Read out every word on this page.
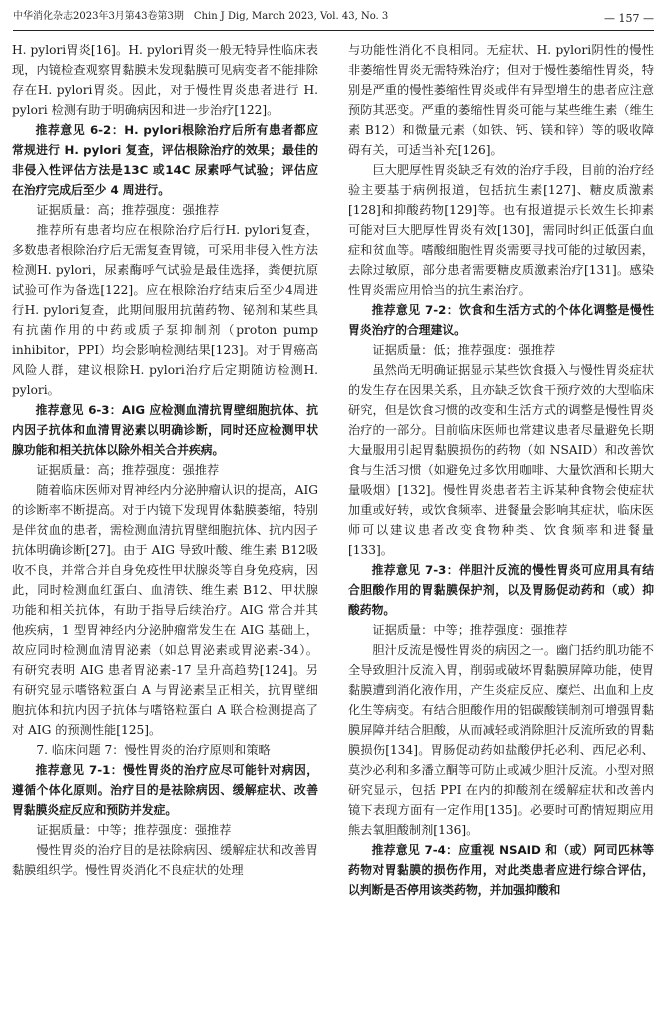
中华消化杂志2023年3月第43卷第3期　Chin J Dig, March 2023, Vol. 43, No. 3	— 157 —

H. pylori胃炎[16]。H. pylori胃炎一般无特异性临床表现，内镜检查观察胃黏膜未发现黏膜可见病变者不能排除存在H. pylori胃炎。因此，对于慢性胃炎患者进行 H. pylori 检测有助于明确病因和进一步治疗[122]。

推荐意见 6-2：H. pylori根除治疗后所有患者都应常规进行 H. pylori 复查，评估根除治疗的效果；最佳的非侵入性评估方法是13C 或14C 尿素呼气试验；评估应在治疗完成后至少 4 周进行。

证据质量：高；推荐强度：强推荐

推荐所有患者均应在根除治疗后行H. pylori复查，多数患者根除治疗后无需复查胃镜，可采用非侵入性方法检测H. pylori，尿素酶呼气试验是最佳选择，粪便抗原试验可作为备选[122]。应在根除治疗结束后至少4周进行H. pylori复查，此期间服用抗菌药物、铋剂和某些具有抗菌作用的中药或质子泵抑制剂（proton pump inhibitor，PPI）均会影响检测结果[123]。对于胃癌高风险人群，建议根除H. pylori治疗后定期随访检测H. pylori。

推荐意见 6-3：AIG 应检测血清抗胃壁细胞抗体、抗内因子抗体和血清胃泌素以明确诊断，同时还应检测甲状腺功能和相关抗体以除外相关合并疾病。

证据质量：高；推荐强度：强推荐

随着临床医师对胃神经内分泌肿瘤认识的提高，AIG 的诊断率不断提高。对于内镜下发现胃体黏膜萎缩，特别是伴贫血的患者，需检测血清抗胃壁细胞抗体、抗内因子抗体明确诊断[27]。由于 AIG 导致叶酸、维生素 B12吸收不良，并常合并自身免疫性甲状腺炎等自身免疫病，因此，同时检测血红蛋白、血清铁、维生素 B12、甲状腺功能和相关抗体，有助于指导后续治疗。AIG 常合并其他疾病，1 型胃神经内分泌肿瘤常发生在 AIG 基础上，故应同时检测血清胃泌素（如总胃泌素或胃泌素-34）。有研究表明 AIG 患者胃泌素-17 呈升高趋势[124]。另有研究显示嗜铬粒蛋白 A 与胃泌素呈正相关，抗胃壁细胞抗体和抗内因子抗体与嗜铬粒蛋白 A 联合检测提高了对 AIG 的预测性能[125]。

7. 临床问题 7：慢性胃炎的治疗原则和策略

推荐意见 7-1：慢性胃炎的治疗应尽可能针对病因，遵循个体化原则。治疗目的是祛除病因、缓解症状、改善胃黏膜炎症反应和预防并发症。

证据质量：中等；推荐强度：强推荐

慢性胃炎的治疗目的是祛除病因、缓解症状和改善胃黏膜组织学。慢性胃炎消化不良症状的处理

与功能性消化不良相同。无症状、H. pylori阴性的慢性非萎缩性胃炎无需特殊治疗；但对于慢性萎缩性胃炎，特别是严重的慢性萎缩性胃炎或伴有异型增生的患者应注意预防其恶变。严重的萎缩性胃炎可能与某些维生素（维生素 B12）和微量元素（如铁、钙、镁和锌）等的吸收障碍有关，可适当补充[126]。

巨大肥厚性胃炎缺乏有效的治疗手段，目前的治疗经验主要基于病例报道，包括抗生素[127]、糖皮质激素[128]和抑酸药物[129]等。也有报道提示长效生长抑素可能对巨大肥厚性胃炎有效[130]，需同时纠正低蛋白血症和贫血等。嗜酸细胞性胃炎需要寻找可能的过敏因素，去除过敏原，部分患者需要糖皮质激素治疗[131]。感染性胃炎需应用恰当的抗生素治疗。

推荐意见 7-2：饮食和生活方式的个体化调整是慢性胃炎治疗的合理建议。

证据质量：低；推荐强度：强推荐

虽然尚无明确证据显示某些饮食摄入与慢性胃炎症状的发生存在因果关系，且亦缺乏饮食干预疗效的大型临床研究，但是饮食习惯的改变和生活方式的调整是慢性胃炎治疗的一部分。目前临床医师也常建议患者尽量避免长期大量服用引起胃黏膜损伤的药物（如 NSAID）和改善饮食与生活习惯（如避免过多饮用咖啡、大量饮酒和长期大量吸烟）[132]。慢性胃炎患者若主诉某种食物会使症状加重或好转，或饮食频率、进餐量会影响其症状，临床医师可以建议患者改变食物种类、饮食频率和进餐量[133]。

推荐意见 7-3：伴胆汁反流的慢性胃炎可应用具有结合胆酸作用的胃黏膜保护剂，以及胃肠促动药和（或）抑酸药物。

证据质量：中等；推荐强度：强推荐

胆汁反流是慢性胃炎的病因之一。幽门括约肌功能不全导致胆汁反流入胃，削弱或破坏胃黏膜屏障功能，使胃黏膜遭到消化液作用，产生炎症反应、糜烂、出血和上皮化生等病变。有结合胆酸作用的铝碳酸镁制剂可增强胃黏膜屏障并结合胆酸，从而减轻或消除胆汁反流所致的胃黏膜损伤[134]。胃肠促动药如盐酸伊托必利、西尼必利、莫沙必利和多潘立酮等可防止或减少胆汁反流。小型对照研究显示，包括 PPI 在内的抑酸剂在缓解症状和改善内镜下表现方面有一定作用[135]。必要时可酌情短期应用熊去氧胆酸制剂[136]。

推荐意见 7-4：应重视 NSAID 和（或）阿司匹林等药物对胃黏膜的损伤作用，对此类患者应进行综合评估，以判断是否停用该类药物，并加强抑酸和
